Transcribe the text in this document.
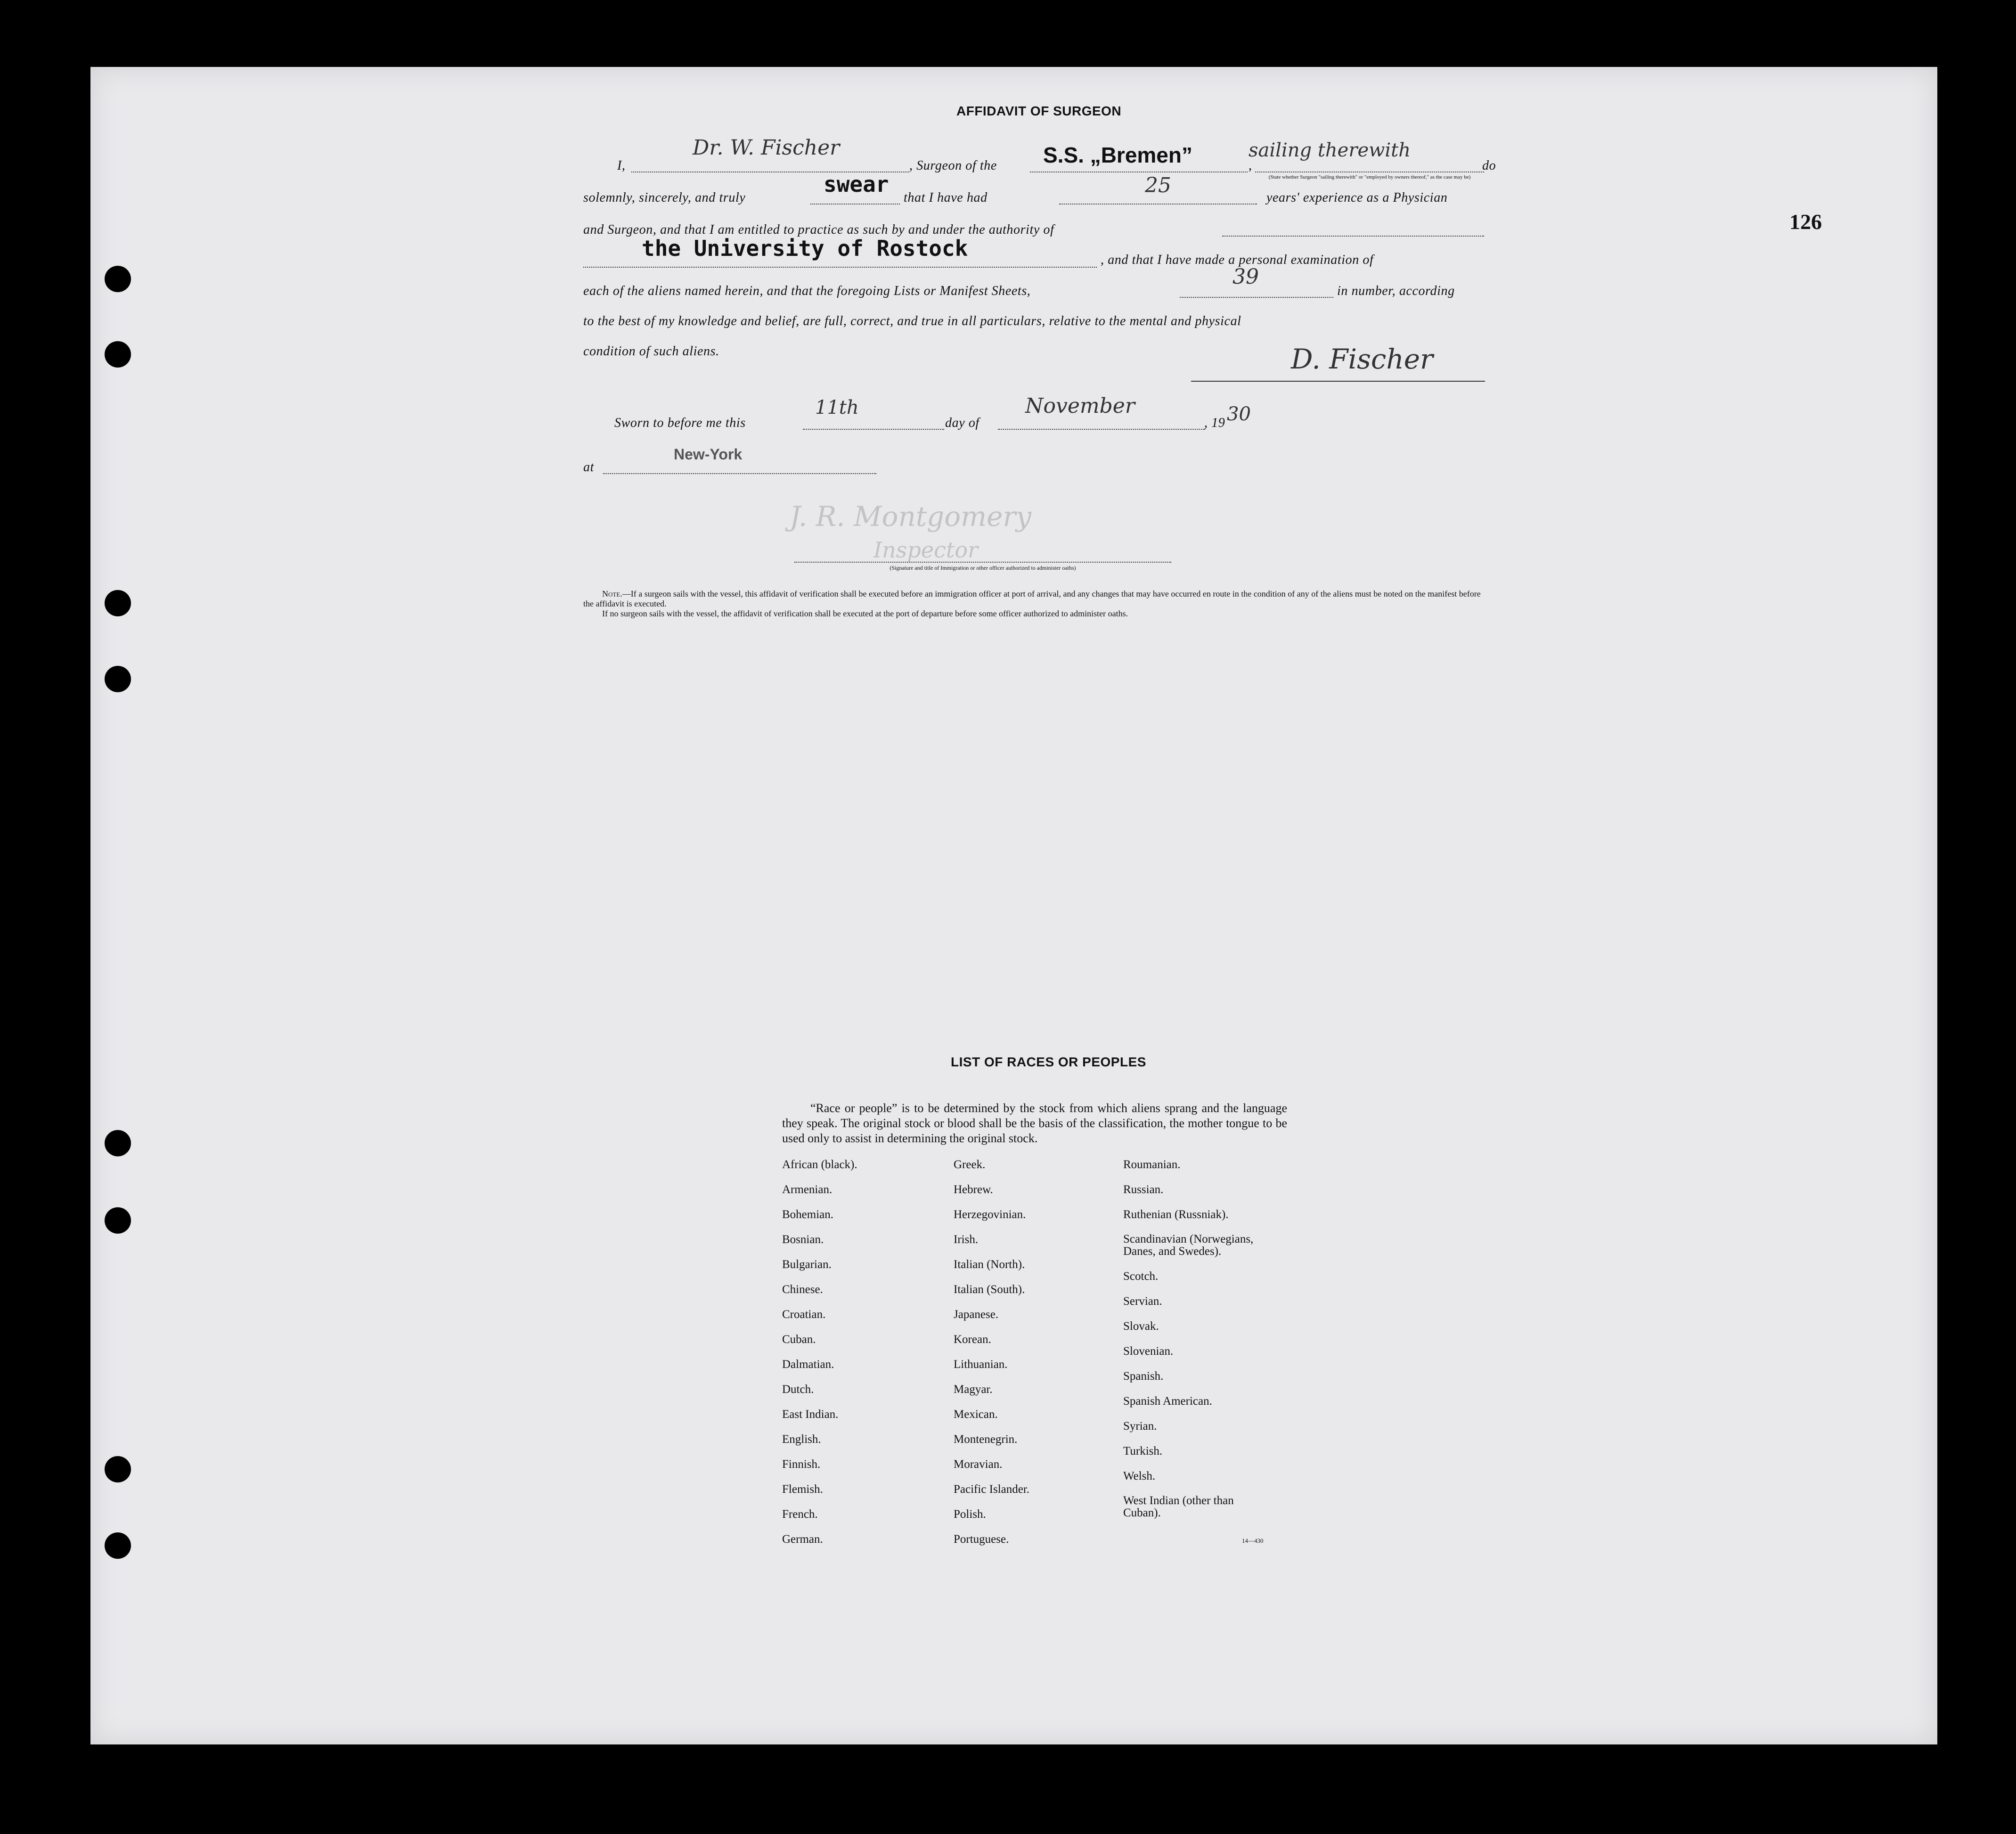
126
AFFIDAVIT OF SURGEON
I,
Dr. W. Fischer
, Surgeon of the S.S. „Bremen”	,
sailing therewith
(State whether Surgeon "sailing therewith" or "employed by owners thereof," as the case may be)
do
solemnly, sincerely, and truly
swear
that I have had
25
years' experience as a Physician
and Surgeon, and that I am entitled to practice as such by and under the authority of
the University of Rostock	, and that I have made a personal examination of
each of the aliens named herein, and that the foregoing Lists or Manifest Sheets,
39
in number, according
to the best of my knowledge and belief, are full, correct, and true in all particulars, relative to the mental and physical
condition of such aliens.	D. Fischer
Sworn to before me this
11th
day of
November
, 19 30
at
New-York
J. R. Montgomery
Inspector
(Signature and title of Immigration or other officer authorized to administer oaths)
Note.—If a surgeon sails with the vessel, this affidavit of verification shall be executed before an immigration officer at port of arrival, and any changes that may have occurred en route in the condition of any of the aliens must be noted on the manifest before the affidavit is executed.
If no surgeon sails with the vessel, the affidavit of verification shall be executed at the port of departure before some officer authorized to administer oaths.
LIST OF RACES OR PEOPLES
“Race or people” is to be determined by the stock from which aliens sprang and the language they speak. The original stock or blood shall be the basis of the classification, the mother tongue to be used only to assist in determining the original stock.
African (black).
Armenian.
Bohemian.
Bosnian.
Bulgarian.
Chinese.
Croatian.
Cuban.
Dalmatian.
Dutch.
East Indian.
English.
Finnish.
Flemish.
French.
German.
Greek.
Hebrew.
Herzegovinian.
Irish.
Italian (North).
Italian (South).
Japanese.
Korean.
Lithuanian.
Magyar.
Mexican.
Montenegrin.
Moravian.
Pacific Islander.
Polish.
Portuguese.
Roumanian.
Russian.
Ruthenian (Russniak).
Scandinavian (Norwegians, Danes, and Swedes).
Scotch.
Servian.
Slovak.
Slovenian.
Spanish.
Spanish American.
Syrian.
Turkish.
Welsh.
West Indian (other than Cuban).
14—430
